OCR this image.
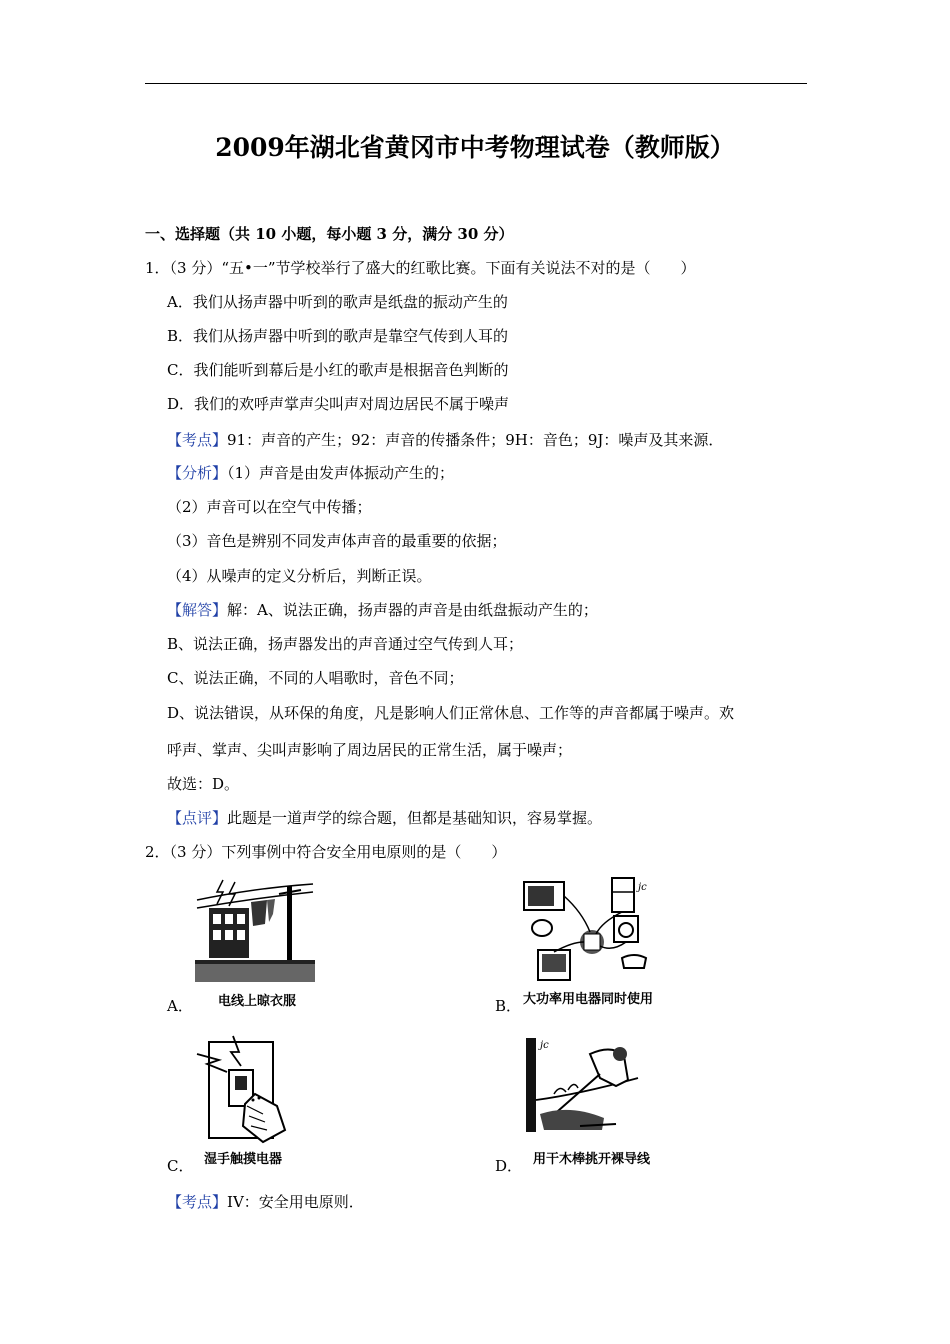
2009年湖北省黄冈市中考物理试卷（教师版）
一、选择题（共 10 小题，每小题 3 分，满分 30 分）
1．（3 分）“五•一”节学校举行了盛大的红歌比赛。下面有关说法不对的是（　　）
A．我们从扬声器中听到的歌声是纸盘的振动产生的
B．我们从扬声器中听到的歌声是靠空气传到人耳的
C．我们能听到幕后是小红的歌声是根据音色判断的
D．我们的欢呼声掌声尖叫声对周边居民不属于噪声
【考点】91：声音的产生；92：声音的传播条件；9H：音色；9J：噪声及其来源．
【分析】（1）声音是由发声体振动产生的；
（2）声音可以在空气中传播；
（3）音色是辨别不同发声体声音的最重要的依据；
（4）从噪声的定义分析后，判断正误。
【解答】解：A、说法正确，扬声器的声音是由纸盘振动产生的；
B、说法正确，扬声器发出的声音通过空气传到人耳；
C、说法正确，不同的人唱歌时，音色不同；
D、说法错误，从环保的角度，凡是影响人们正常休息、工作等的声音都属于噪声。欢
呼声、掌声、尖叫声影响了周边居民的正常生活，属于噪声；
故选：D。
【点评】此题是一道声学的综合题，但都是基础知识，容易掌握。
2．（3 分）下列事例中符合安全用电原则的是（　　）
A． 电线上晾衣服
jc
B． 大功率用电器同时使用
C． 湿手触摸电器
jc
D． 用干木棒挑开裸导线
【考点】IV：安全用电原则．
